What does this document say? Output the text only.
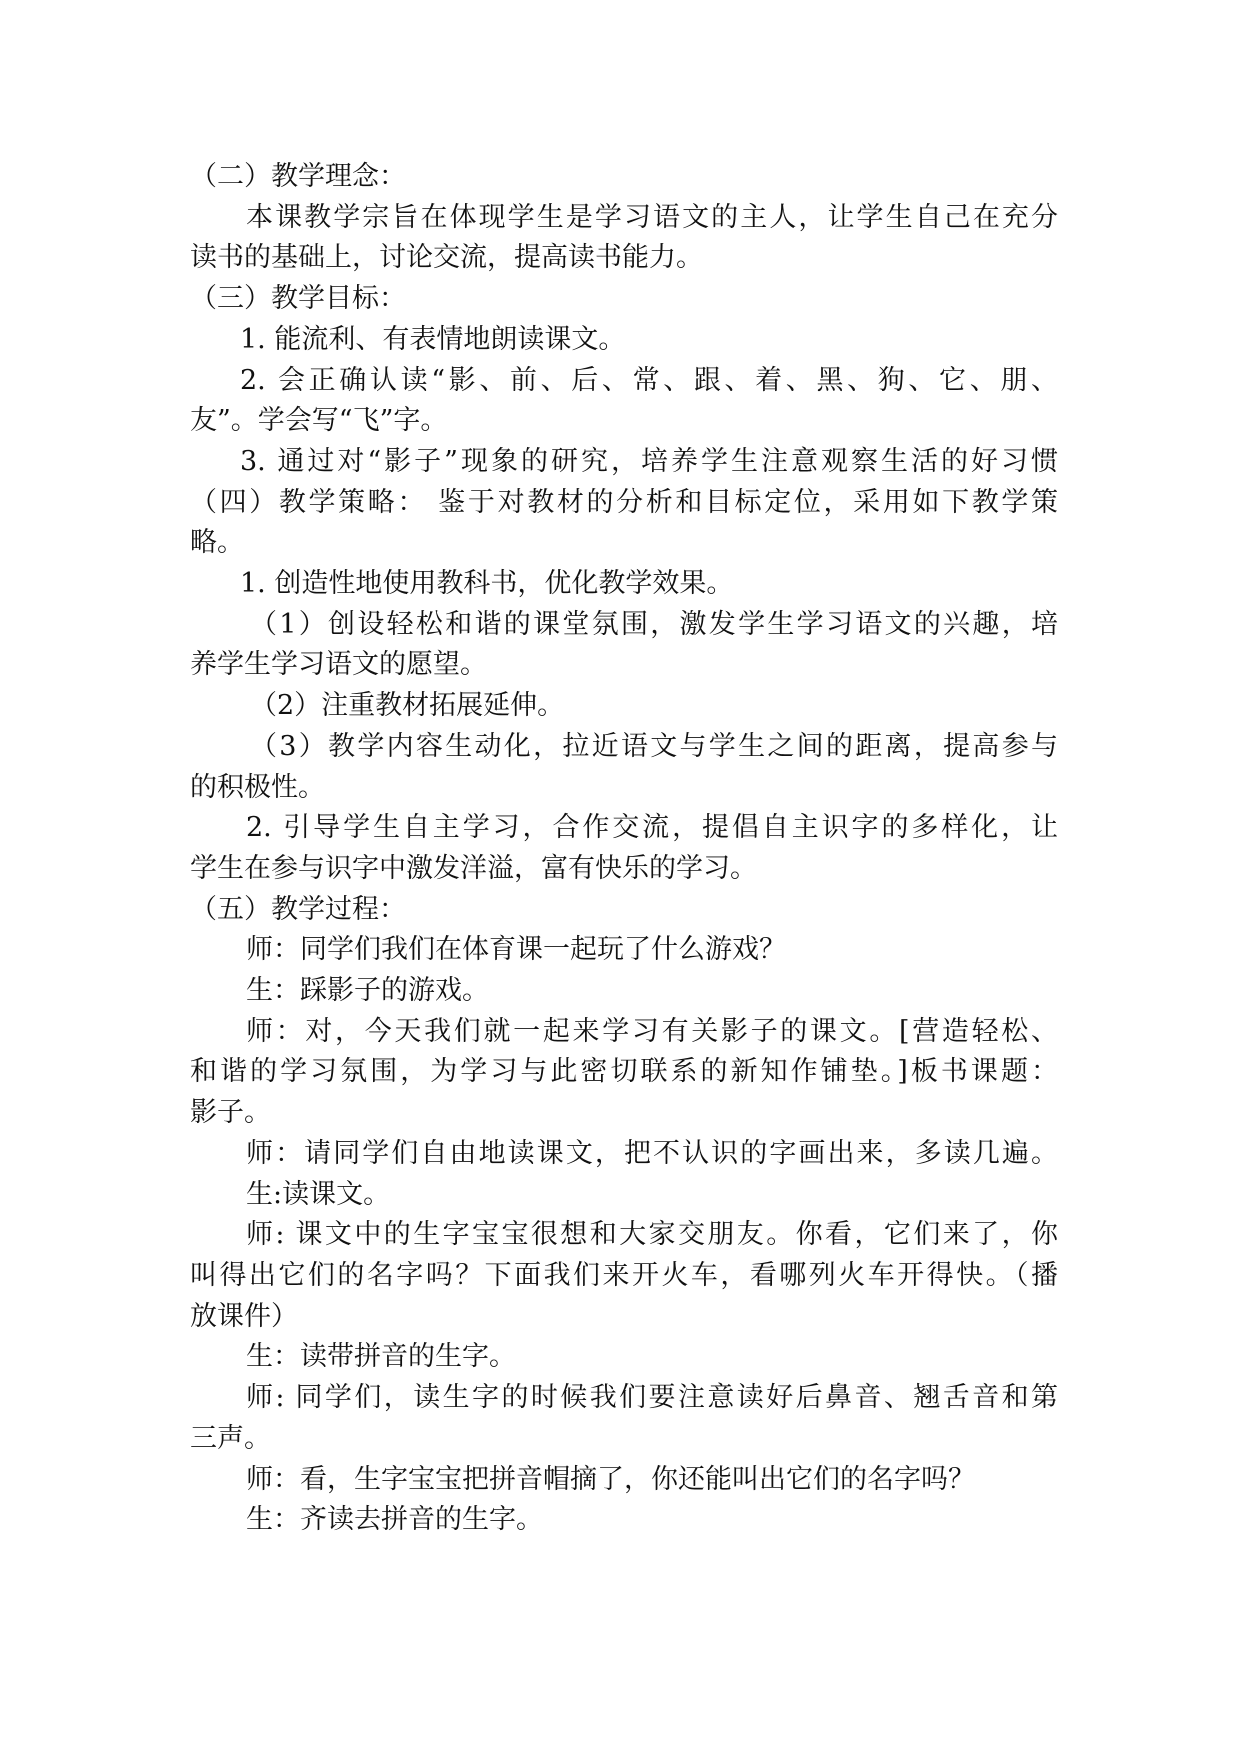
（二）教学理念：
本课教学宗旨在体现学生是学习语文的主人，让学生自己在充分
读书的基础上，讨论交流，提高读书能力。
（三）教学目标：
1. 能流利、有表情地朗读课文。
2. 会正确认读“影、前、后、常、跟、着、黑、狗、它、朋、
友”。学会写“飞”字。
3. 通过对“影子”现象的研究，培养学生注意观察生活的好习惯
（四）教学策略： 鉴于对教材的分析和目标定位，采用如下教学策
略。
1. 创造性地使用教科书，优化教学效果。
（1）创设轻松和谐的课堂氛围，激发学生学习语文的兴趣，培
养学生学习语文的愿望。
（2）注重教材拓展延伸。
（3）教学内容生动化，拉近语文与学生之间的距离，提高参与
的积极性。
2. 引导学生自主学习，合作交流，提倡自主识字的多样化，让
学生在参与识字中激发洋溢，富有快乐的学习。
（五）教学过程：
师：同学们我们在体育课一起玩了什么游戏？
生：踩影子的游戏。
师：对，今天我们就一起来学习有关影子的课文。[营造轻松、
和谐的学习氛围，为学习与此密切联系的新知作铺垫。]板书课题：
影子。
师：请同学们自由地读课文，把不认识的字画出来，多读几遍。
生:读课文。
师: 课文中的生字宝宝很想和大家交朋友。你看，它们来了，你
叫得出它们的名字吗？下面我们来开火车，看哪列火车开得快。（播
放课件）
生：读带拼音的生字。
师: 同学们，读生字的时候我们要注意读好后鼻音、翘舌音和第
三声。
师：看，生字宝宝把拼音帽摘了，你还能叫出它们的名字吗？
生：齐读去拼音的生字。
